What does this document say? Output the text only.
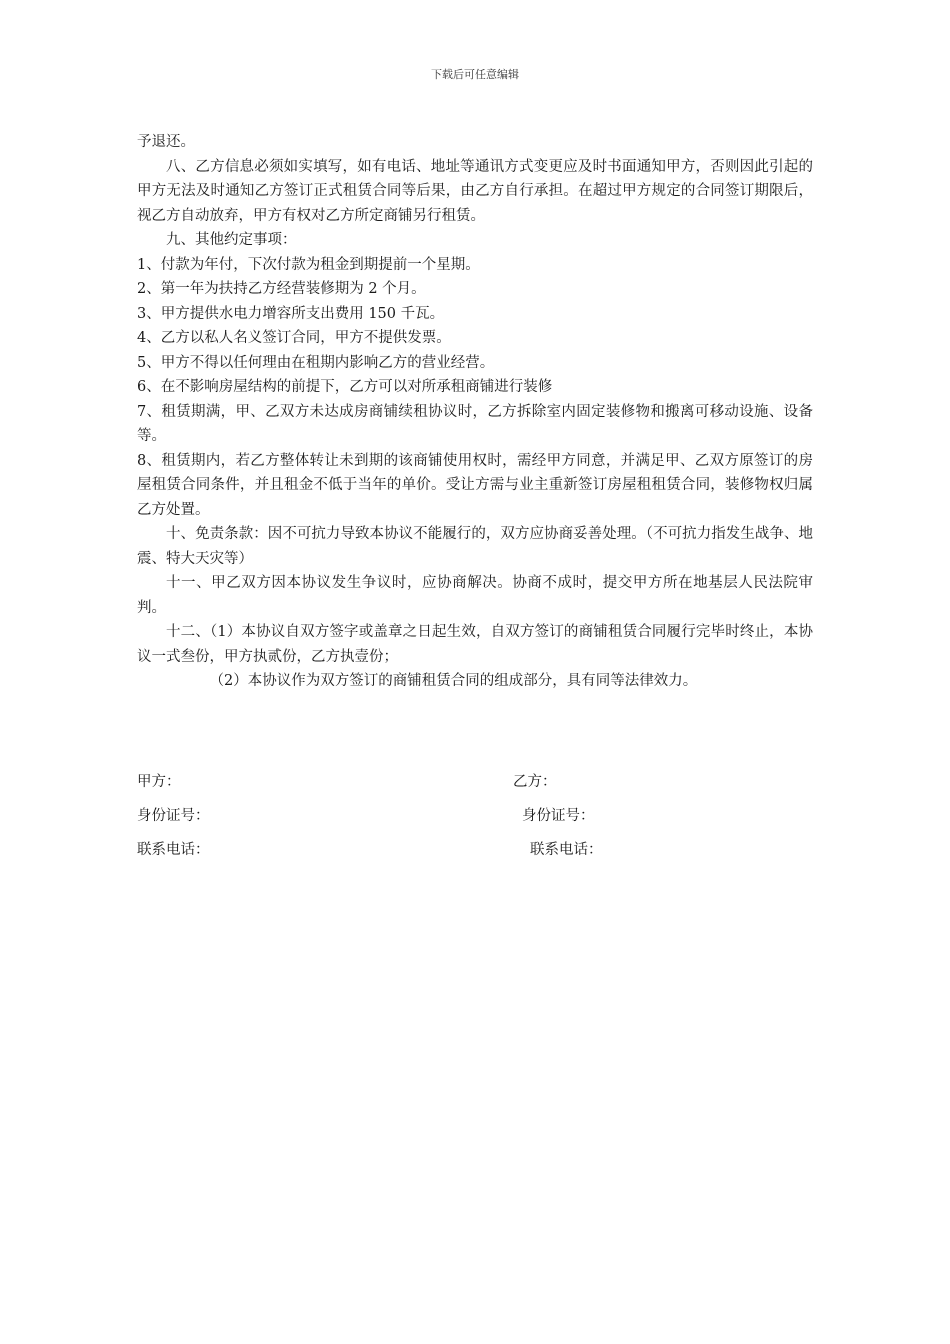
下载后可任意编辑

予退还。

八、乙方信息必须如实填写，如有电话、地址等通讯方式变更应及时书面通知甲方，否则因此引起的甲方无法及时通知乙方签订正式租赁合同等后果，由乙方自行承担。在超过甲方规定的合同签订期限后，视乙方自动放弃，甲方有权对乙方所定商铺另行租赁。

九、其他约定事项：

1、付款为年付，下次付款为租金到期提前一个星期。

2、第一年为扶持乙方经营装修期为 2 个月。

3、甲方提供水电力增容所支出费用 150 千瓦。

4、乙方以私人名义签订合同，甲方不提供发票。

5、甲方不得以任何理由在租期内影响乙方的营业经营。

6、在不影响房屋结构的前提下，乙方可以对所承租商铺进行装修

7、租赁期满，甲、乙双方未达成房商铺续租协议时，乙方拆除室内固定装修物和搬离可移动设施、设备等。

8、租赁期内，若乙方整体转让未到期的该商铺使用权时，需经甲方同意，并满足甲、乙双方原签订的房屋租赁合同条件，并且租金不低于当年的单价。受让方需与业主重新签订房屋租租赁合同，装修物权归属乙方处置。

十、免责条款：因不可抗力导致本协议不能履行的，双方应协商妥善处理。（不可抗力指发生战争、地震、特大天灾等）

十一、甲乙双方因本协议发生争议时，应协商解决。协商不成时，提交甲方所在地基层人民法院审判。

十二、（1）本协议自双方签字或盖章之日起生效，自双方签订的商铺租赁合同履行完毕时终止，本协议一式叁份，甲方执贰份，乙方执壹份；

（2）本协议作为双方签订的商铺租赁合同的组成部分，具有同等法律效力。

甲方：	乙方：
身份证号：	身份证号：
联系电话：	联系电话：
